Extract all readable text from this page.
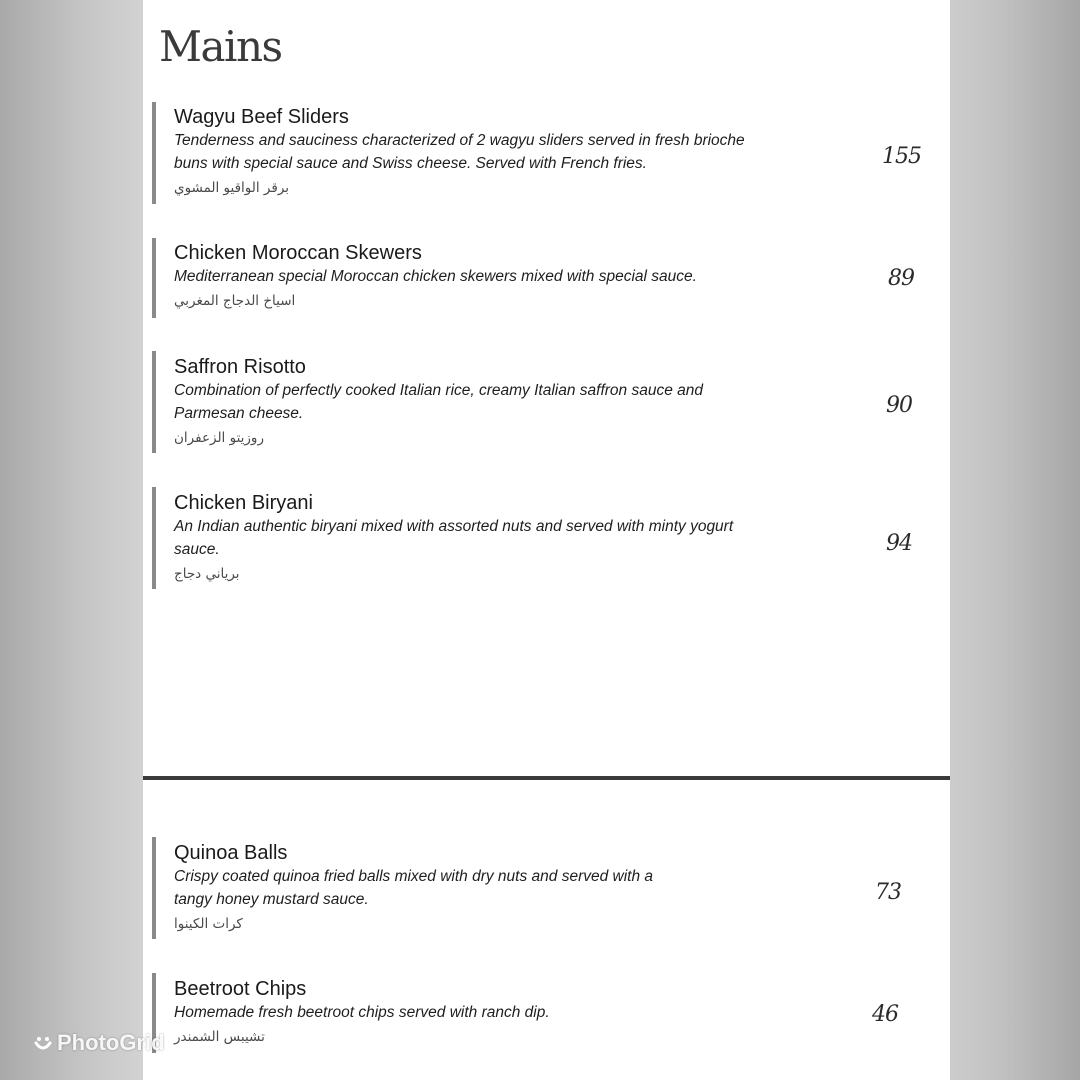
Mains

Wagyu Beef Sliders

Tenderness and sauciness characterized of 2 wagyu sliders served in fresh brioche buns with special sauce and Swiss cheese. Served with French fries.

برقر الواقيو المشوي

155

Chicken Moroccan Skewers

Mediterranean special Moroccan chicken skewers mixed with special sauce.

اسياخ الدجاج المغربي

89

Saffron Risotto

Combination of perfectly cooked Italian rice, creamy Italian saffron sauce and Parmesan cheese.

روزيتو الزعفران

90

Chicken Biryani

An Indian authentic biryani mixed with assorted nuts and served with minty yogurt sauce.

برياني دجاج

94

Quinoa Balls

Crispy coated quinoa fried balls mixed with dry nuts and served with a tangy honey mustard sauce.

كرات الكينوا

73

Beetroot Chips

Homemade fresh beetroot chips served with ranch dip.

تشيبس الشمندر

46
PhotoGrid
